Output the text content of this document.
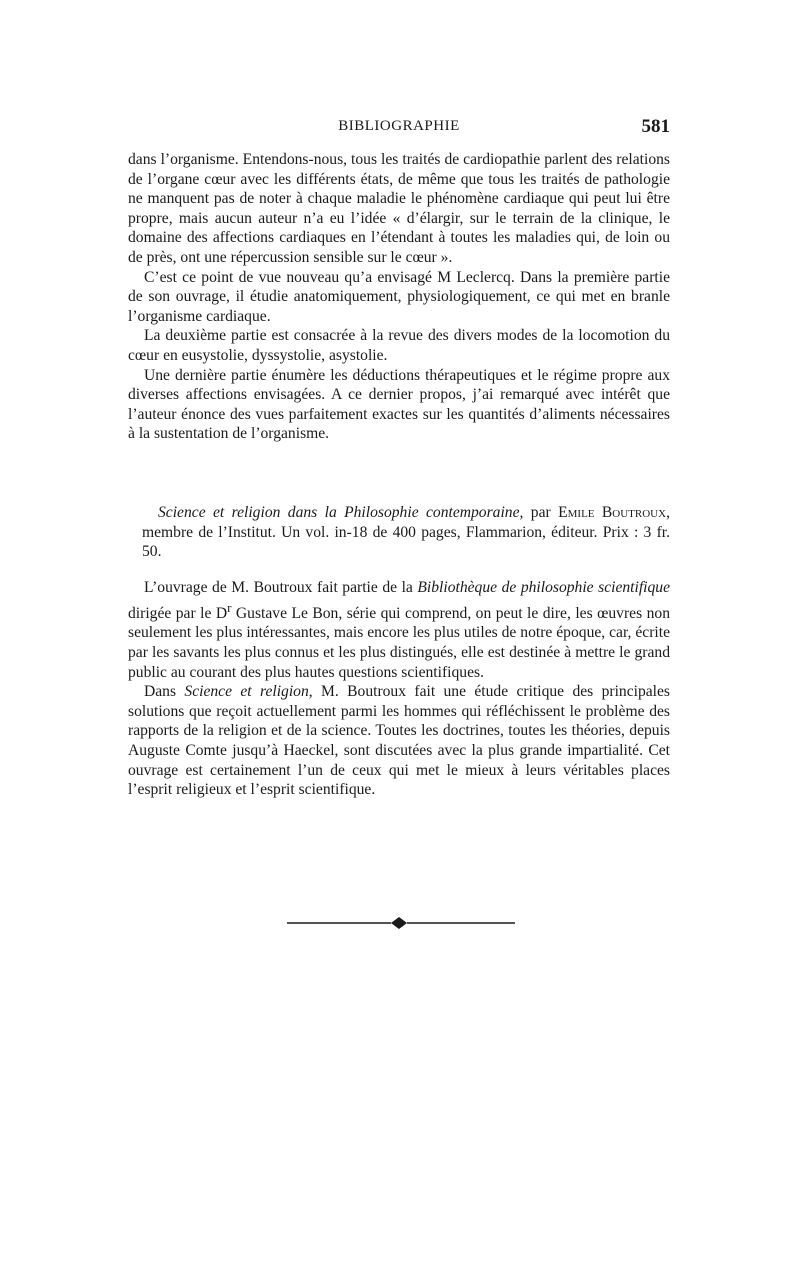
BIBLIOGRAPHIE	581

dans l’organisme. Entendons-nous, tous les traités de cardiopathie parlent des relations de l’organe cœur avec les différents états, de même que tous les traités de pathologie ne manquent pas de noter à chaque maladie le phénomène cardiaque qui peut lui être propre, mais aucun auteur n’a eu l’idée « d’élargir, sur le terrain de la clinique, le domaine des affections cardiaques en l’étendant à toutes les maladies qui, de loin ou de près, ont une répercussion sensible sur le cœur ».

C’est ce point de vue nouveau qu’a envisagé M Leclercq. Dans la première partie de son ouvrage, il étudie anatomiquement, physiologiquement, ce qui met en branle l’organisme cardiaque.

La deuxième partie est consacrée à la revue des divers modes de la locomotion du cœur en eusystolie, dyssystolie, asystolie.

Une dernière partie énumère les déductions thérapeutiques et le régime propre aux diverses affections envisagées. A ce dernier propos, j’ai remarqué avec intérêt que l’auteur énonce des vues parfaitement exactes sur les quantités d’aliments nécessaires à la sustentation de l’organisme.

Science et religion dans la Philosophie contemporaine, par Emile Boutroux, membre de l’Institut. Un vol. in-18 de 400 pages, Flammarion, éditeur. Prix : 3 fr. 50.

L’ouvrage de M. Boutroux fait partie de la Bibliothèque de philosophie scientifique dirigée par le $D^r$ Gustave Le Bon, série qui comprend, on peut le dire, les œuvres non seulement les plus intéressantes, mais encore les plus utiles de notre époque, car, écrite par les savants les plus connus et les plus distingués, elle est destinée à mettre le grand public au courant des plus hautes questions scientifiques.

Dans Science et religion, M. Boutroux fait une étude critique des principales solutions que reçoit actuellement parmi les hommes qui réfléchissent le problème des rapports de la religion et de la science. Toutes les doctrines, toutes les théories, depuis Auguste Comte jusqu’à Haeckel, sont discutées avec la plus grande impartialité. Cet ouvrage est certainement l’un de ceux qui met le mieux à leurs véritables places l’esprit religieux et l’esprit scientifique.
